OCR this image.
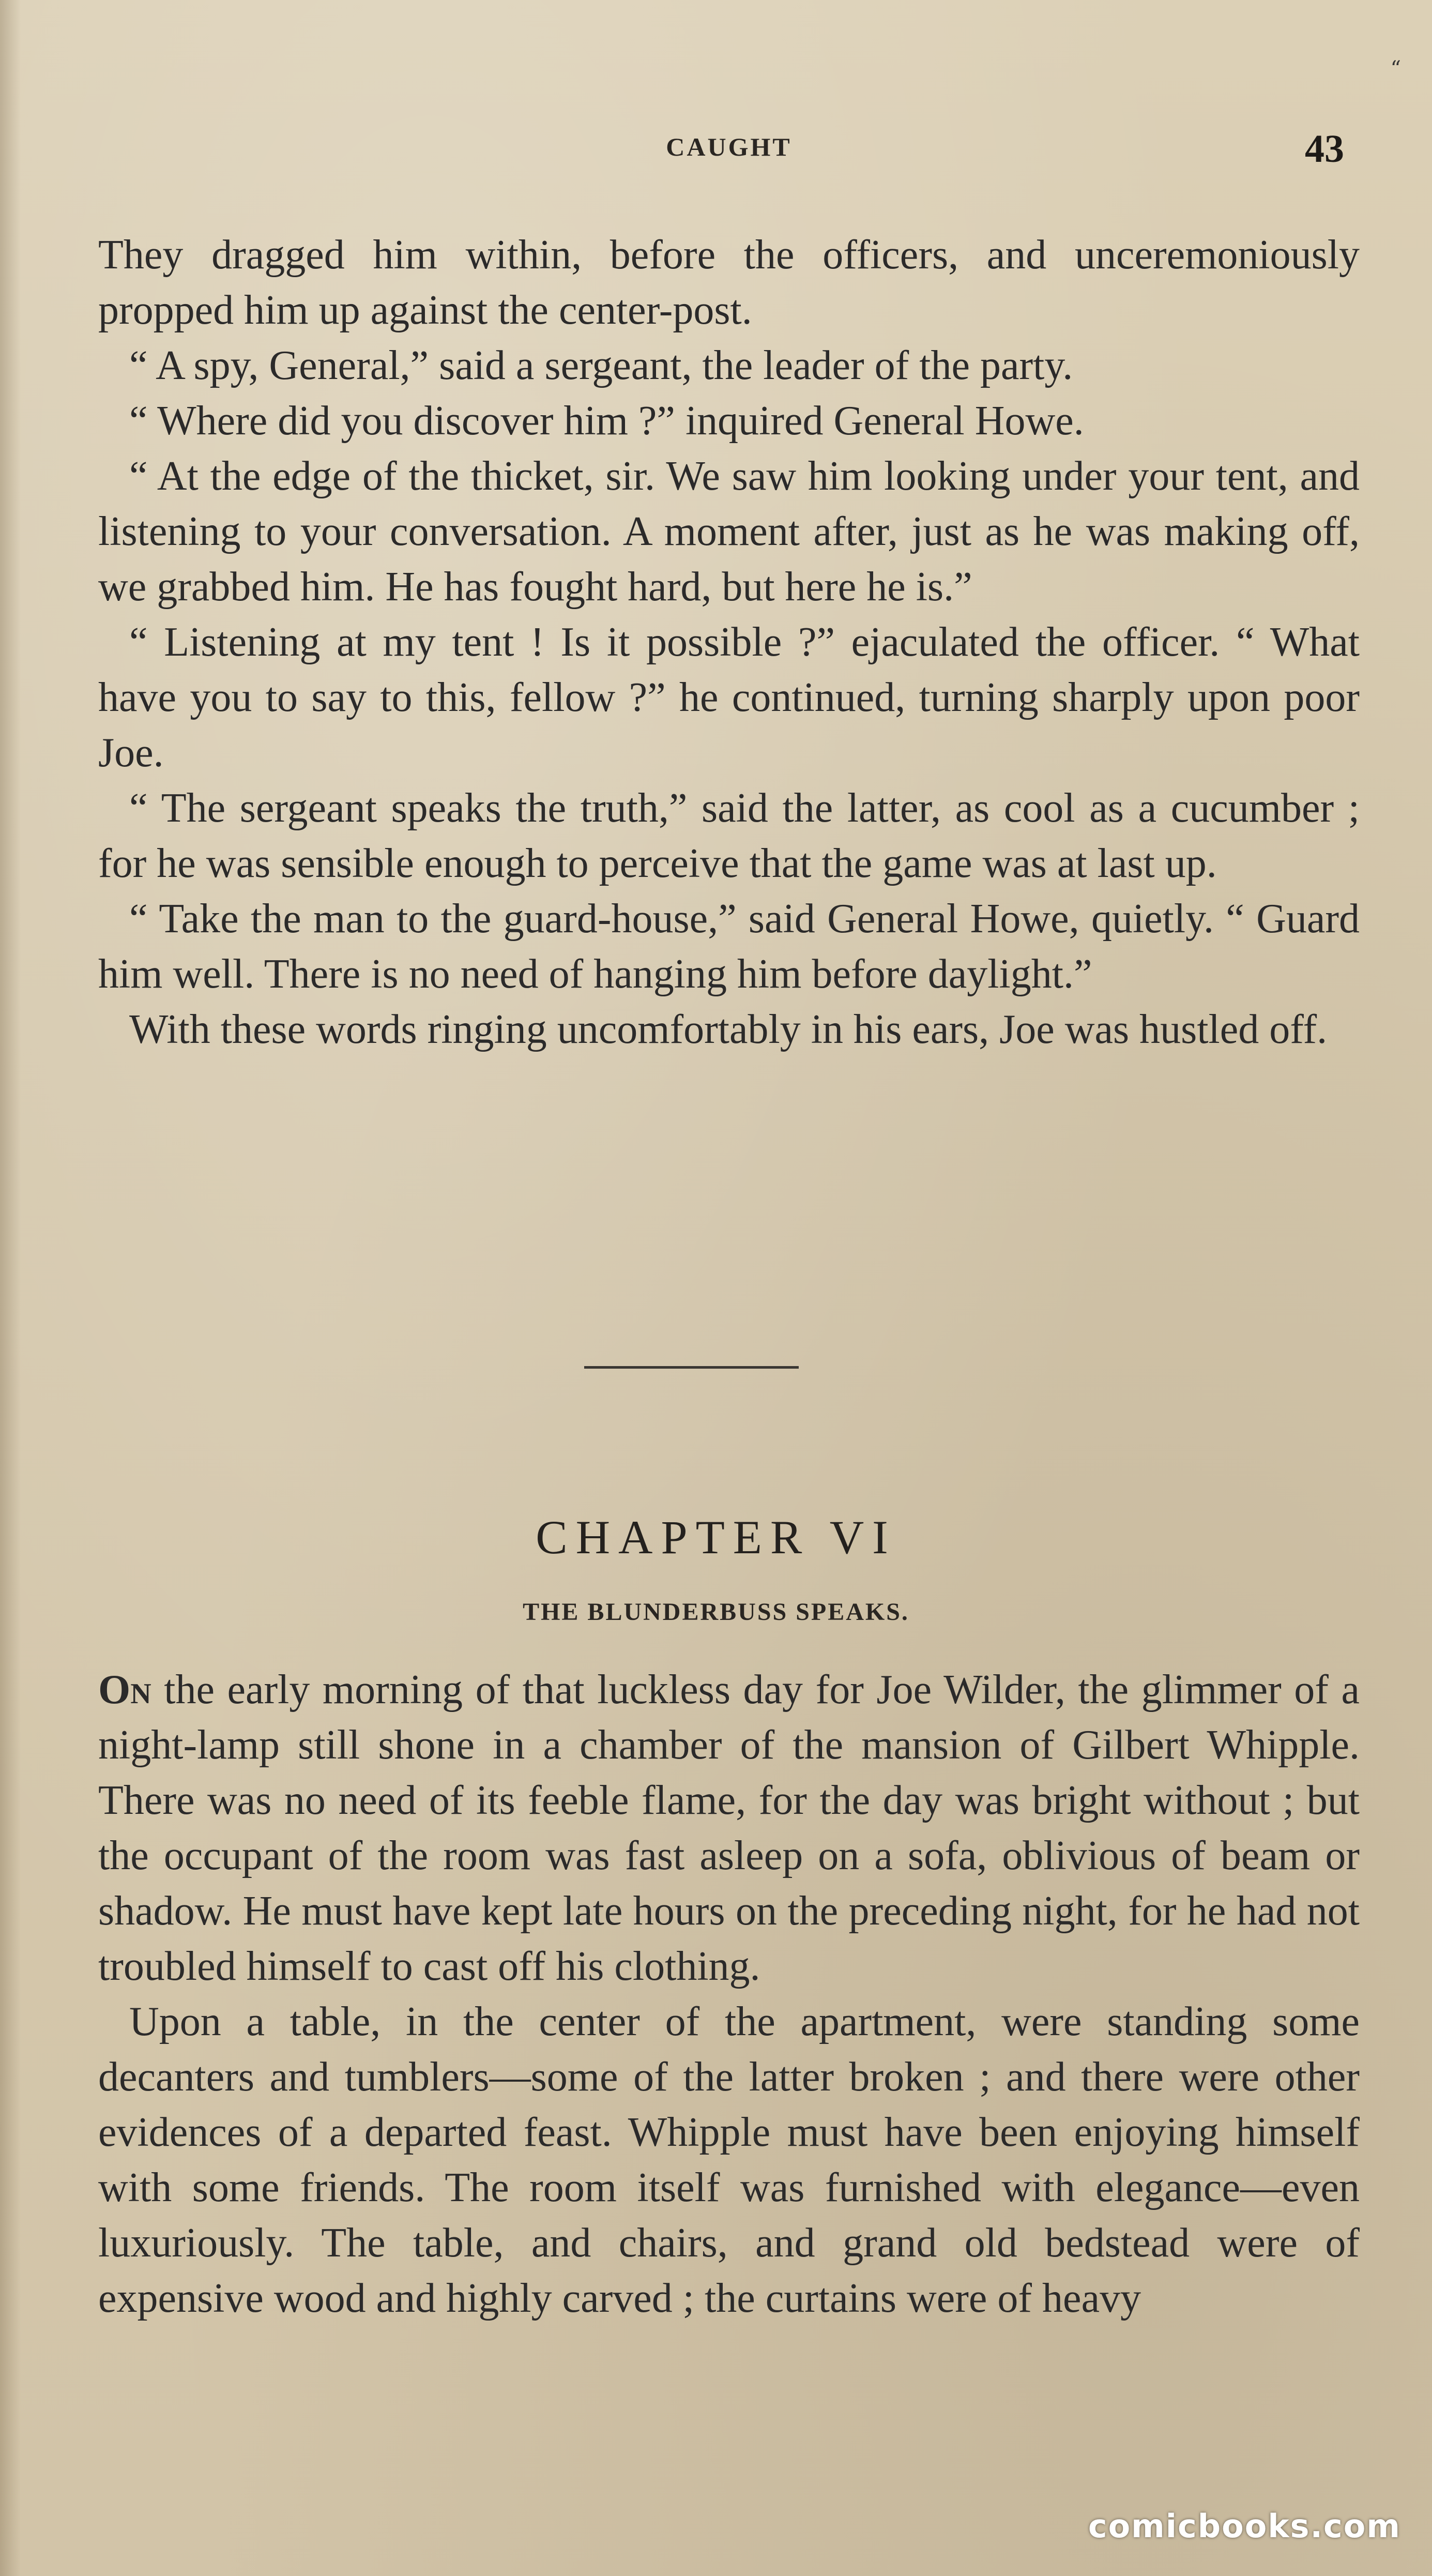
CAUGHT	43
“

They dragged him within, before the officers, and unceremoniously propped him up against the center-post.

“ A spy, General,” said a sergeant, the leader of the party.

“ Where did you discover him ?” inquired General Howe.

“ At the edge of the thicket, sir. We saw him looking under your tent, and listening to your conversation. A moment after, just as he was making off, we grabbed him. He has fought hard, but here he is.”

“ Listening at my tent ! Is it possible ?” ejaculated the officer. “ What have you to say to this, fellow ?” he continued, turning sharply upon poor Joe.

“ The sergeant speaks the truth,” said the latter, as cool as a cucumber ; for he was sensible enough to perceive that the game was at last up.

“ Take the man to the guard-house,” said General Howe, quietly. “ Guard him well. There is no need of hanging him before daylight.”

With these words ringing uncomfortably in his ears, Joe was hustled off.

CHAPTER VI
THE BLUNDERBUSS SPEAKS.

On the early morning of that luckless day for Joe Wilder, the glimmer of a night-lamp still shone in a chamber of the mansion of Gilbert Whipple. There was no need of its feeble flame, for the day was bright without ; but the occupant of the room was fast asleep on a sofa, oblivious of beam or shadow. He must have kept late hours on the preceding night, for he had not troubled himself to cast off his clothing.

Upon a table, in the center of the apartment, were standing some decanters and tumblers—some of the latter broken ; and there were other evidences of a departed feast. Whipple must have been enjoying himself with some friends. The room itself was furnished with elegance—even luxuriously. The table, and chairs, and grand old bedstead were of expensive wood and highly carved ; the curtains were of heavy

comicbooks.com
